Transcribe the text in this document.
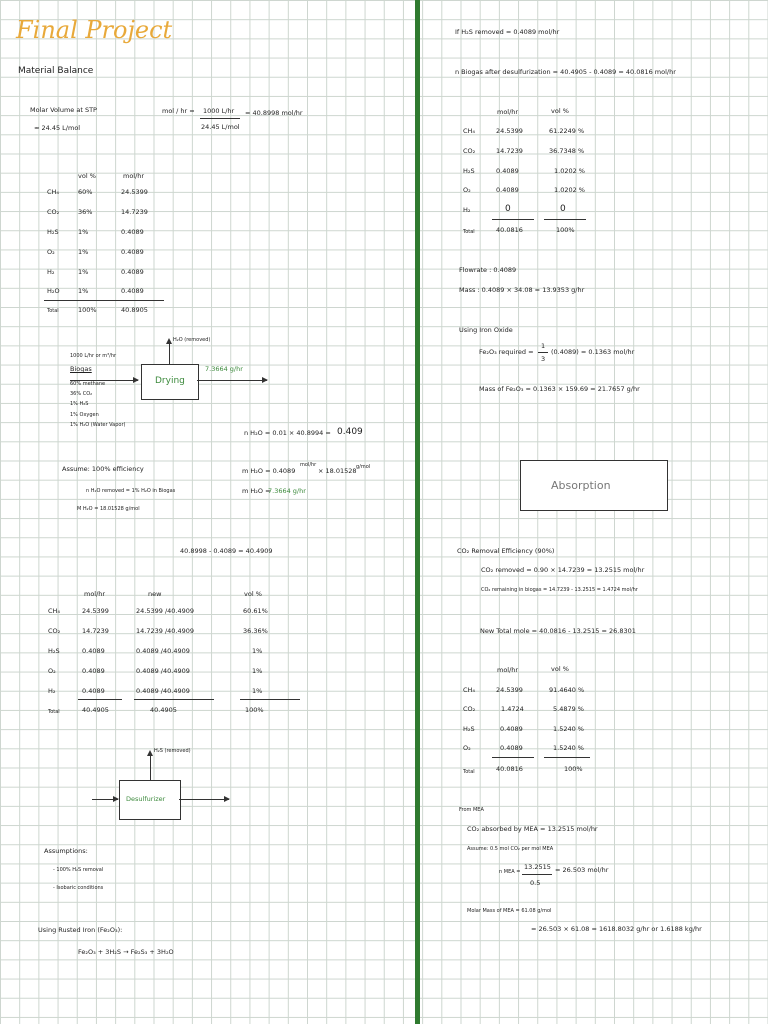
Final Project
Material Balance
Molar Volume at STP
≈ 24.45 L/mol
mol / hr = 1000 L/hr
24.45 L/mol
= 40.8998 mol/hr
vol %	mol/hr
CH₄	60%	24.5399
CO₂	36%	14.7239
H₂S	1%	0.4089
O₂	1%	0.4089
H₂	1%	0.4089
H₂O	1%	0.4089
Total	100%	40.8905
H₂O (removed)
1000 L/hr or m³/hr
Biogas
Drying
7.3664 g/hr
60% methane
36% CO₂
1% H₂S
1% Oxygen
1% H₂O (Water Vapor)
n H₂O = 0.01 × 40.8994 = 0.409
Assume: 100% efficiency
n H₂O removed = 1% H₂O in Biogas
M H₂O = 18.01528 g/mol
m H₂O = 0.4089
mol/hr
× 18.01528 g/mol
m H₂O =
7.3664 g/hr
40.8998 - 0.4089 = 40.4909
mol/hr	new	vol %
CH₄	24.5399	24.5399 /40.4909	60.61%
CO₂	14.7239	14.7239 /40.4909	36.36%
H₂S	0.4089	0.4089 /40.4909	1%
O₂	0.4089	0.4089 /40.4909	1%
H₂	0.4089	0.4089 /40.4909	1%
Total	40.4905	40.4905	100%
H₂S (removed)
Desulfurizer
Assumptions:
- 100% H₂S removal
- Isobaric conditions
Using Rusted Iron (Fe₂O₃):
Fe₂O₃ + 3H₂S → Fe₂S₃ + 3H₂O
If H₂S removed = 0.4089 mol/hr
n Biogas after desulfurization = 40.4905 - 0.4089 = 40.0816 mol/hr
mol/hr	vol %
CH₄	24.5399	61.2249 %
CO₂	14.7239	36.7348 %
H₂S	0.4089	1.0202 %
O₂	0.4089	1.0202 %
H₂	0	0
Total	40.0816	100%
Flowrate : 0.4089
Mass : 0.4089 × 34.08 = 13.9353 g/hr
Using Iron Oxide
Fe₂O₃ required =
1
3
(0.4089) = 0.1363 mol/hr
Mass of Fe₂O₃ = 0.1363 × 159.69 = 21.7657 g/hr
Absorption
CO₂ Removal Efficiency (90%)
CO₂ removed = 0.90 × 14.7239 = 13.2515 mol/hr
CO₂ remaining in biogas = 14.7239 - 13.2515 = 1.4724 mol/hr
New Total mole = 40.0816 - 13.2515 = 26.8301
mol/hr	vol %
CH₄	24.5399	91.4640 %
CO₂	1.4724	5.4879 %
H₂S	0.4089	1.5240 %
O₂	0.4089	1.5240 %
Total	40.0816	100%
From MEA
CO₂ absorbed by MEA = 13.2515 mol/hr
Assume: 0.5 mol CO₂ per mol MEA
n MEA =
13.2515
0.5
= 26.503 mol/hr
Molar Mass of MEA = 61.08 g/mol
= 26.503 × 61.08 = 1618.8032 g/hr or 1.6188 kg/hr
